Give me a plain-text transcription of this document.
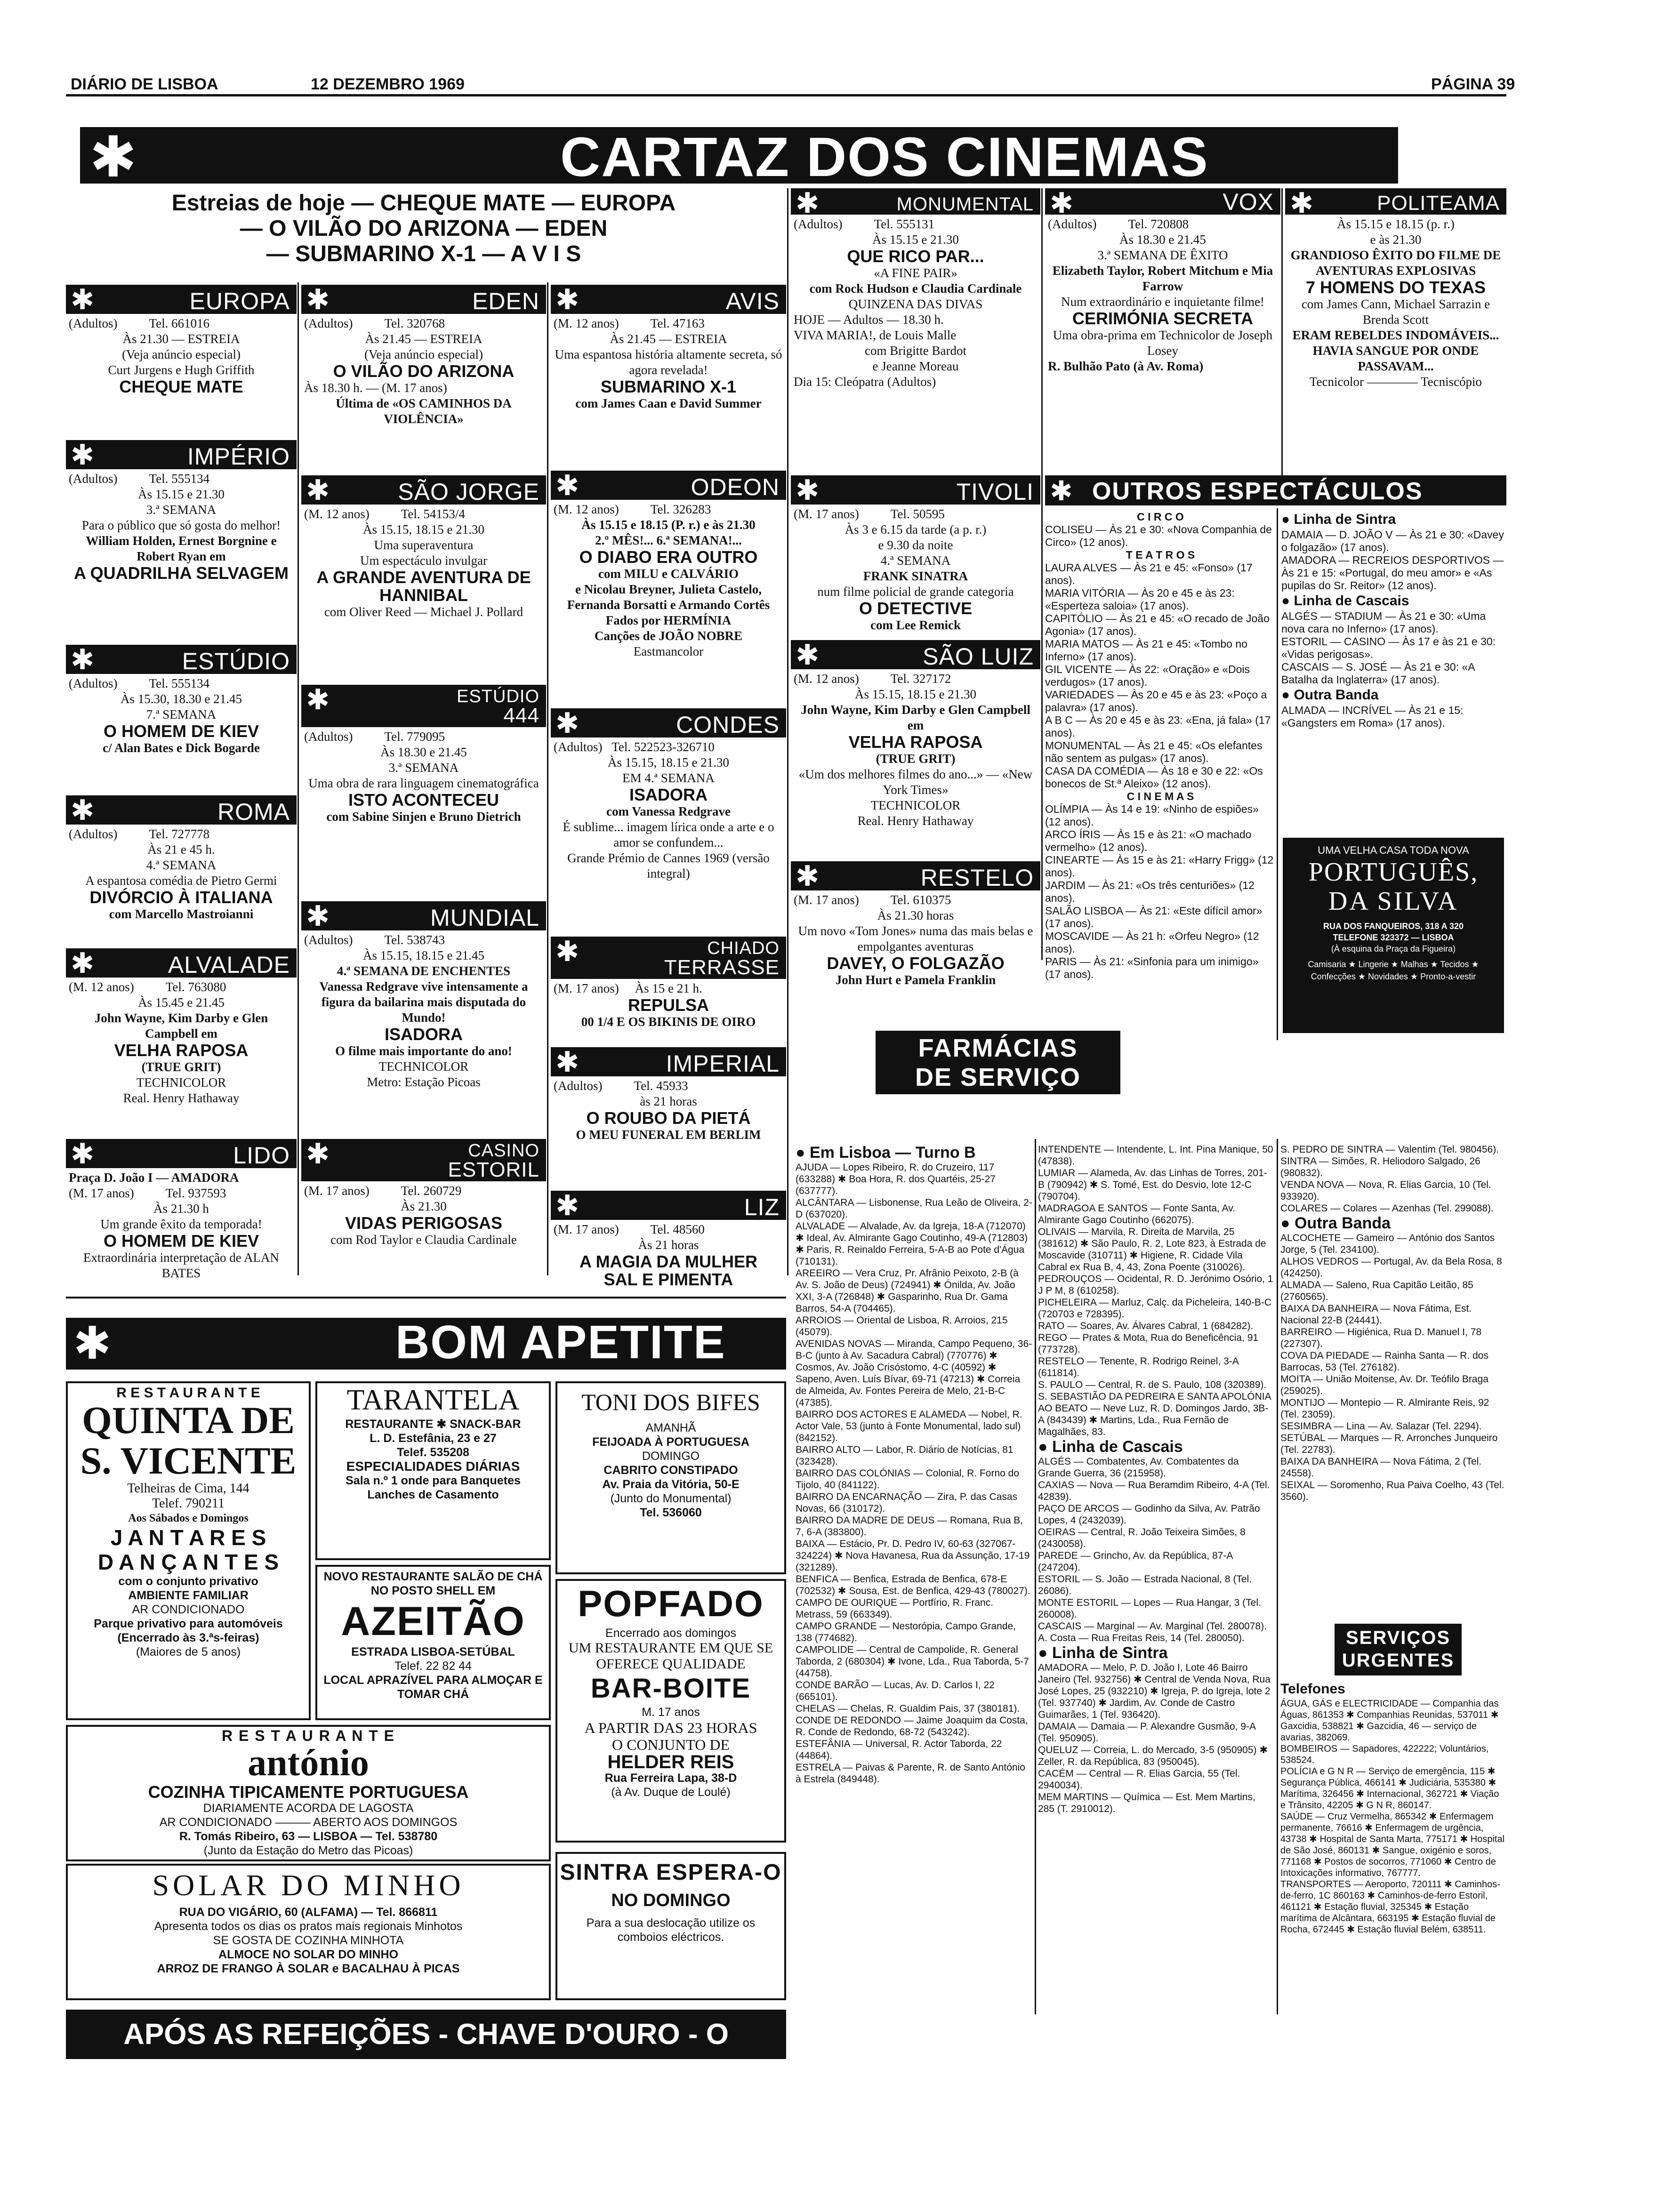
DIÁRIO DE LISBOA	12 DEZEMBRO 1969	PÁGINA 39
✱	CARTAZ DOS CINEMAS
Estreias de hoje — CHEQUE MATE — EUROPA
— O VILÃO DO ARIZONA — EDEN
— SUBMARINO X-1 — A V I S
✱	EUROPA
(Adultos)          Tel. 661016
Às 21.30 — ESTREIA
(Veja anúncio especial)
Curt Jurgens e Hugh Griffith
CHEQUE MATE
✱	IMPÉRIO
(Adultos)          Tel. 555134
Às 15.15 e 21.30
3.ª SEMANA
Para o público que só gosta do melhor!
William Holden, Ernest Borgnine e Robert Ryan em
A QUADRILHA SELVAGEM
✱	ESTÚDIO
(Adultos)          Tel. 555134
Às 15.30, 18.30 e 21.45
7.ª SEMANA
O HOMEM DE KIEV
c/ Alan Bates e Dick Bogarde
✱	ROMA
(Adultos)          Tel. 727778
Às 21 e 45 h.
4.ª SEMANA
A espantosa comédia de Pietro Germi
DIVÓRCIO À ITALIANA
com Marcello Mastroianni
✱	ALVALADE
(M. 12 anos)          Tel. 763080
Às 15.45 e 21.45
John Wayne, Kim Darby e Glen Campbell em
VELHA RAPOSA
(TRUE GRIT)
TECHNICOLOR
Real. Henry Hathaway
✱	LIDO
Praça D. João I — AMADORA
(M. 17 anos)          Tel. 937593
Às 21.30 h
Um grande êxito da temporada!
O HOMEM DE KIEV
Extraordinária interpretação de ALAN BATES
✱	EDEN
(Adultos)          Tel. 320768
Às 21.45 — ESTREIA
(Veja anúncio especial)
O VILÃO DO ARIZONA
Às 18.30 h. — (M. 17 anos)
Última de «OS CAMINHOS DA VIOLÊNCIA»
✱	SÃO JORGE
(M. 12 anos)          Tel. 54153/4
Às 15.15, 18.15 e 21.30
Uma superaventura
Um espectáculo invulgar
A GRANDE AVENTURA DE HANNIBAL
com Oliver Reed — Michael J. Pollard
✱	ESTÚDIO
444
(Adultos)          Tel. 779095
Às 18.30 e 21.45
3.ª SEMANA
Uma obra de rara linguagem cinematográfica
ISTO ACONTECEU
com Sabine Sinjen e Bruno Dietrich
✱	MUNDIAL
(Adultos)          Tel. 538743
Às 15.15, 18.15 e 21.45
4.ª SEMANA DE ENCHENTES
Vanessa Redgrave vive intensamente a figura da bailarina mais disputada do Mundo!
ISADORA
O filme mais importante do ano!
TECHNICOLOR
Metro: Estação Picoas
✱	CASINO
ESTORIL
(M. 17 anos)          Tel. 260729
Às 21.30
VIDAS PERIGOSAS
com Rod Taylor e Claudia Cardinale
✱	AVIS
(M. 12 anos)          Tel. 47163
Às 21.45 — ESTREIA
Uma espantosa história altamente secreta, só agora revelada!
SUBMARINO X-1
com James Caan e David Summer
✱	ODEON
(M. 12 anos)          Tel. 326283
Às 15.15 e 18.15 (P. r.) e às 21.30
2.º MÊS!... 6.ª SEMANA!...
O DIABO ERA OUTRO
com MILU e CALVÁRIO
e Nicolau Breyner, Julieta Castelo, Fernanda Borsatti e Armando Cortês
Fados por HERMÍNIA
Canções de JOÃO NOBRE
Eastmancolor
✱	CONDES
(Adultos)   Tel. 522523-326710
Às 15.15, 18.15 e 21.30
EM 4.ª SEMANA
ISADORA
com Vanessa Redgrave
É sublime... imagem lírica onde a arte e o amor se confundem...
Grande Prémio de Cannes 1969 (versão integral)
✱	CHIADO
TERRASSE
(M. 17 anos)     Às 15 e 21 h.
REPULSA
00 1/4 E OS BIKINIS DE OIRO
✱	IMPERIAL
(Adultos)          Tel. 45933
às 21 horas
O ROUBO DA PIETÁ
O MEU FUNERAL EM BERLIM
✱	LIZ
(M. 17 anos)          Tel. 48560
Às 21 horas
A MAGIA DA MULHER
SAL E PIMENTA
✱	MONUMENTAL
(Adultos)          Tel. 555131
Às 15.15 e 21.30
QUE RICO PAR...
«A FINE PAIR»
com Rock Hudson e Claudia Cardinale
QUINZENA DAS DIVAS
HOJE — Adultos — 18.30 h.
VIVA MARIA!, de Louis Malle
com Brigitte Bardot
e Jeanne Moreau
Dia 15: Cleópatra (Adultos)
✱	TIVOLI
(M. 17 anos)          Tel. 50595
Às 3 e 6.15 da tarde (a p. r.)
e 9.30 da noite
4.ª SEMANA
FRANK SINATRA
num filme policial de grande categoria
O DETECTIVE
com Lee Remick
✱	SÃO LUIZ
(M. 12 anos)          Tel. 327172
Às 15.15, 18.15 e 21.30
John Wayne, Kim Darby e Glen Campbell em
VELHA RAPOSA
(TRUE GRIT)
«Um dos melhores filmes do ano...» — «New York Times»
TECHNICOLOR
Real. Henry Hathaway
✱	RESTELO
(M. 17 anos)          Tel. 610375
Às 21.30 horas
Um novo «Tom Jones» numa das mais belas e empolgantes aventuras
DAVEY, O FOLGAZÃO
John Hurt e Pamela Franklin
✱	VOX
(Adultos)          Tel. 720808
Às 18.30 e 21.45
3.ª SEMANA DE ÊXITO
Elizabeth Taylor, Robert Mitchum e Mia Farrow
Num extraordinário e inquietante filme!
CERIMÓNIA SECRETA
Uma obra-prima em Technicolor de Joseph Losey
R. Bulhão Pato (à Av. Roma)
✱	POLITEAMA
Às 15.15 e 18.15 (p. r.)
e às 21.30
GRANDIOSO ÊXITO DO FILME DE AVENTURAS EXPLOSIVAS
7 HOMENS DO TEXAS
com James Cann, Michael Sarrazin e Brenda Scott
ERAM REBELDES INDOMÁVEIS... HAVIA SANGUE POR ONDE PASSAVAM...
Tecnicolor ———— Tecniscópio
✱ OUTROS ESPECTÁCULOS
C I R C O
COLISEU — Às 21 e 30: «Nova Companhia de Circo» (12 anos).
T E A T R O S
LAURA ALVES — Às 21 e 45: «Fonso» (17 anos).
MARIA VITÓRIA — Às 20 e 45 e às 23: «Esperteza saloia» (17 anos).
CAPITÓLIO — Às 21 e 45: «O recado de João Agonia» (17 anos).
MARIA MATOS — Às 21 e 45: «Tombo no Inferno» (17 anos).
GIL VICENTE — Às 22: «Oração» e «Dois verdugos» (17 anos).
VARIEDADES — Às 20 e 45 e às 23: «Poço a palavra» (17 anos).
A B C — Às 20 e 45 e às 23: «Ena, já fala» (17 anos).
MONUMENTAL — Às 21 e 45: «Os elefantes não sentem as pulgas» (17 anos).
CASA DA COMÉDIA — Às 18 e 30 e 22: «Os bonecos de St.ª Aleixo» (12 anos).
C I N E M A S
OLÍMPIA — Às 14 e 19: «Ninho de espiões» (12 anos).
ARCO ÍRIS — Às 15 e às 21: «O machado vermelho» (12 anos).
CINEARTE — Às 15 e às 21: «Harry Frigg» (12 anos).
JARDIM — Às 21: «Os três centuriões» (12 anos).
SALÃO LISBOA — Às 21: «Este difícil amor» (17 anos).
MOSCAVIDE — Às 21 h: «Orfeu Negro» (12 anos).
PARIS — Às 21: «Sinfonia para um inimigo» (17 anos).
● Linha de Sintra
DAMAIA — D. JOÃO V — Às 21 e 30: «Davey o folgazão» (17 anos).
AMADORA — RECREIOS DESPORTIVOS — Às 21 e 15: «Portugal, do meu amor» e «As pupilas do Sr. Reitor» (12 anos).
● Linha de Cascais
ALGÉS — STADIUM — Às 21 e 30: «Uma nova cara no Inferno» (17 anos).
ESTORIL — CASINO — Às 17 e às 21 e 30: «Vidas perigosas».
CASCAIS — S. JOSÉ — Às 21 e 30: «A Batalha da Inglaterra» (17 anos).
● Outra Banda
ALMADA — INCRÍVEL — Às 21 e 15: «Gangsters em Roma» (17 anos).
UMA VELHA CASA TODA NOVA
PORTUGUÊS,
DA SILVA
RUA DOS FANQUEIROS, 318 A 320
TELEFONE 323372 — LISBOA
(À esquina da Praça da Figueira)
Camisaria ★ Lingerie ★ Malhas ★ Tecidos ★ Confecções ★ Novidades ★ Pronto-a-vestir
✱	BOM APETITE
R E S T A U R A N T E
QUINTA DE
S. VICENTE
Telheiras de Cima, 144
Telef. 790211
Aos Sábados e Domingos
J A N T A R E S
D A N Ç A N T E S
com o conjunto privativo
AMBIENTE FAMILIAR
AR CONDICIONADO
Parque privativo para automóveis
(Encerrado às 3.ªs-feiras)
(Maiores de 5 anos)
TARANTELA
RESTAURANTE ✱ SNACK-BAR
L. D. Estefânia, 23 e 27
Telef. 535208
ESPECIALIDADES DIÁRIAS
Sala n.º 1 onde para Banquetes
Lanches de Casamento
NOVO RESTAURANTE SALÃO DE CHÁ
NO POSTO SHELL EM
AZEITÃO
ESTRADA LISBOA-SETÚBAL
Telef. 22 82 44
LOCAL APRAZÍVEL PARA ALMOÇAR E TOMAR CHÁ
TONI DOS BIFES
AMANHÃ
FEIJOADA À PORTUGUESA
DOMINGO
CABRITO CONSTIPADO
Av. Praia da Vitória, 50-E
(Junto do Monumental)
Tel. 536060
POPFADO
Encerrado aos domingos
UM RESTAURANTE EM QUE SE OFERECE QUALIDADE
BAR-BOITE
M. 17 anos
A PARTIR DAS 23 HORAS
O CONJUNTO DE
HELDER REIS
Rua Ferreira Lapa, 38-D
(à Av. Duque de Loulé)
R E S T A U R A N T E
antónio
COZINHA TIPICAMENTE PORTUGUESA
DIARIAMENTE ACORDA DE LAGOSTA
AR CONDICIONADO ——— ABERTO AOS DOMINGOS
R. Tomás Ribeiro, 63 — LISBOA — Tel. 538780
(Junto da Estação do Metro das Picoas)
SOLAR DO MINHO
RUA DO VIGÁRIO, 60 (ALFAMA) — Tel. 866811
Apresenta todos os dias os pratos mais regionais Minhotos
SE GOSTA DE COZINHA MINHOTA
ALMOCE NO SOLAR DO MINHO
ARROZ DE FRANGO À SOLAR e BACALHAU À PICAS
SINTRA ESPERA-O
NO DOMINGO
Para a sua deslocação utilize os comboios eléctricos.
APÓS AS REFEIÇÕES - CHAVE D'OURO - O MELHOR CAFÉ
FARMÁCIAS
DE SERVIÇO
● Em Lisboa — Turno B
AJUDA — Lopes Ribeiro, R. do Cruzeiro, 117 (633288) ✱ Boa Hora, R. dos Quartéis, 25-27 (637777).
ALCÂNTARA — Lisbonense, Rua Leão de Oliveira, 2-D (637020).
ALVALADE — Alvalade, Av. da Igreja, 18-A (712070) ✱ Ideal, Av. Almirante Gago Coutinho, 49-A (712803) ✱ Paris, R. Reinaldo Ferreira, 5-A-B ao Pote d'Água (710131).
AREEIRO — Vera Cruz, Pr. Afrânio Peixoto, 2-B (à Av. S. João de Deus) (724941) ✱ Ónilda, Av. João XXI, 3-A (726848) ✱ Gasparinho, Rua Dr. Gama Barros, 54-A (704465).
ARROIOS — Oriental de Lisboa, R. Arroios, 215 (45079).
AVENIDAS NOVAS — Miranda, Campo Pequeno, 36-B-C (junto à Av. Sacadura Cabral) (770776) ✱ Cosmos, Av. João Crisóstomo, 4-C (40592) ✱ Sapeno, Aven. Luís Bívar, 69-71 (47213) ✱ Correia de Almeida, Av. Fontes Pereira de Melo, 21-B-C (47385).
BAIRRO DOS ACTORES E ALAMEDA — Nobel, R. Actor Vale, 53 (junto à Fonte Monumental, lado sul) (842152).
BAIRRO ALTO — Labor, R. Diário de Notícias, 81 (323428).
BAIRRO DAS COLÓNIAS — Colonial, R. Forno do Tijolo, 40 (841122).
BAIRRO DA ENCARNAÇÃO — Zira, P. das Casas Novas, 66 (310172).
BAIRRO DA MADRE DE DEUS — Romana, Rua B, 7, 6-A (383800).
BAIXA — Estácio, Pr. D. Pedro IV, 60-63 (327067-324224) ✱ Nova Havanesa, Rua da Assunção, 17-19 (321289).
BENFICA — Benfica, Estrada de Benfica, 678-E (702532) ✱ Sousa, Est. de Benfica, 429-43 (780027).
CAMPO DE OURIQUE — Portfírio, R. Franc. Metrass, 59 (663349).
CAMPO GRANDE — Nestorópia, Campo Grande, 138 (774682).
CAMPOLIDE — Central de Campolide, R. General Taborda, 2 (680304) ✱ Ivone, Lda., Rua Taborda, 5-7 (44758).
CONDE BARÃO — Lucas, Av. D. Carlos I, 22 (665101).
CHELAS — Chelas, R. Gualdim Pais, 37 (380181).
CONDE DE REDONDO — Jaime Joaquim da Costa, R. Conde de Redondo, 68-72 (543242).
ESTEFÂNIA — Universal, R. Actor Taborda, 22 (44864).
ESTRELA — Paivas & Parente, R. de Santo António à Estrela (849448).
INTENDENTE — Intendente, L. Int. Pina Manique, 50 (47838).
LUMIAR — Alameda, Av. das Linhas de Torres, 201-B (790942) ✱ S. Tomé, Est. do Desvio, lote 12-C (790704).
MADRAGOA E SANTOS — Fonte Santa, Av. Almirante Gago Coutinho (662075).
OLIVAIS — Marvila, R. Direita de Marvila, 25 (381612) ✱ São Paulo, R. 2, Lote 823, à Estrada de Moscavide (310711) ✱ Higiene, R. Cidade Vila Cabral ex Rua B, 4, 43, Zona Poente (310026).
PEDROUÇOS — Ocidental, R. D. Jerónimo Osório, 1 J P M, 8 (610258).
PICHELEIRA — Marluz, Calç. da Picheleira, 140-B-C (720703 e 728395).
RATO — Soares, Av. Álvares Cabral, 1 (684282).
REGO — Prates & Mota, Rua do Beneficência, 91 (773728).
RESTELO — Tenente, R. Rodrigo Reinel, 3-A (611814).
S. PAULO — Central, R. de S. Paulo, 108 (320389).
S. SEBASTIÃO DA PEDREIRA E SANTA APOLÓNIA AO BEATO — Neve Luz, R. D. Domingos Jardo, 3B-A (843439) ✱ Martins, Lda., Rua Fernão de Magalhães, 83.
● Linha de Cascais
ALGÉS — Combatentes, Av. Combatentes da Grande Guerra, 36 (215958).
CAXIAS — Nova — Rua Beramdim Ribeiro, 4-A (Tel. 42839).
PAÇO DE ARCOS — Godinho da Silva, Av. Patrão Lopes, 4 (2432039).
OEIRAS — Central, R. João Teixeira Simões, 8 (2430058).
PAREDE — Grincho, Av. da República, 87-A (247204).
ESTORIL — S. João — Estrada Nacional, 8 (Tel. 26086).
MONTE ESTORIL — Lopes — Rua Hangar, 3 (Tel. 260008).
CASCAIS — Marginal — Av. Marginal (Tel. 280078). A. Costa — Rua Freitas Reis, 14 (Tel. 280050).
● Linha de Sintra
AMADORA — Melo, P. D. João I, Lote 46 Bairro Janeiro (Tel. 932756) ✱ Central de Venda Nova, Rua José Lopes, 25 (932210) ✱ Igreja, P. do Igreja, lote 2 (Tel. 937740) ✱ Jardim, Av. Conde de Castro Guimarães, 1 (Tel. 936420).
DAMAIA — Damaia — P. Alexandre Gusmão, 9-A (Tel. 950905).
QUELUZ — Correia, L. do Mercado, 3-5 (950905) ✱ Zeller, R. da República, 83 (950045).
CACÉM — Central — R. Elias Garcia, 55 (Tel. 2940034).
MEM MARTINS — Química — Est. Mem Martins, 285 (T. 2910012).
S. PEDRO DE SINTRA — Valentim (Tel. 980456).
SINTRA — Simões, R. Heliodoro Salgado, 26 (980832).
VENDA NOVA — Nova, R. Elias Garcia, 10 (Tel. 933920).
COLARES — Colares — Azenhas (Tel. 299088).
● Outra Banda
ALCOCHETE — Gameiro — António dos Santos Jorge, 5 (Tel. 234100).
ALHOS VEDROS — Portugal, Av. da Bela Rosa, 8 (424250).
ALMADA — Saleno, Rua Capitão Leitão, 85 (2760565).
BAIXA DA BANHEIRA — Nova Fátima, Est. Nacional 22-B (24441).
BARREIRO — Higiénica, Rua D. Manuel I, 78 (227307).
COVA DA PIEDADE — Rainha Santa — R. dos Barrocas, 53 (Tel. 276182).
MOITA — União Moitense, Av. Dr. Teófilo Braga (259025).
MONTIJO — Montepio — R. Almirante Reis, 92 (Tel. 23059).
SESIMBRA — Lina — Av. Salazar (Tel. 2294).
SETÚBAL — Marques — R. Arronches Junqueiro (Tel. 22783).
BAIXA DA BANHEIRA — Nova Fátima, 2 (Tel. 24558).
SEIXAL — Soromenho, Rua Paiva Coelho, 43 (Tel. 3560).
SERVIÇOS
URGENTES
Telefones
ÁGUA, GÁS e ELECTRICIDADE — Companhia das Águas, 861353 ✱ Companhias Reunidas, 537011 ✱ Gaxcidia, 538821 ✱ Gazcidia, 46 — serviço de avarias, 382069.
BOMBEIROS — Sapadores, 422222; Voluntários, 538524.
POLÍCIA e G N R — Serviço de emergência, 115 ✱ Segurança Pública, 466141 ✱ Judiciária, 535380 ✱ Marítima, 326456 ✱ Internacional, 362721 ✱ Viação e Trânsito, 42205 ✱ G N R, 860147.
SAÚDE — Cruz Vermelha, 865342 ✱ Enfermagem permanente, 76616 ✱ Enfermagem de urgência, 43738 ✱ Hospital de Santa Marta, 775171 ✱ Hospital de São José, 860131 ✱ Sangue, oxigénio e soros, 771168 ✱ Postos de socorros, 771060 ✱ Centro de Intoxicações informativo, 767777.
TRANSPORTES — Aeroporto, 720111 ✱ Caminhos-de-ferro, 1C 860163 ✱ Caminhos-de-ferro Estoril, 461121 ✱ Estação fluvial, 325345 ✱ Estação marítima de Alcântara, 663195 ✱ Estação fluvial de Rocha, 672445 ✱ Estação fluvial Belém, 638511.
